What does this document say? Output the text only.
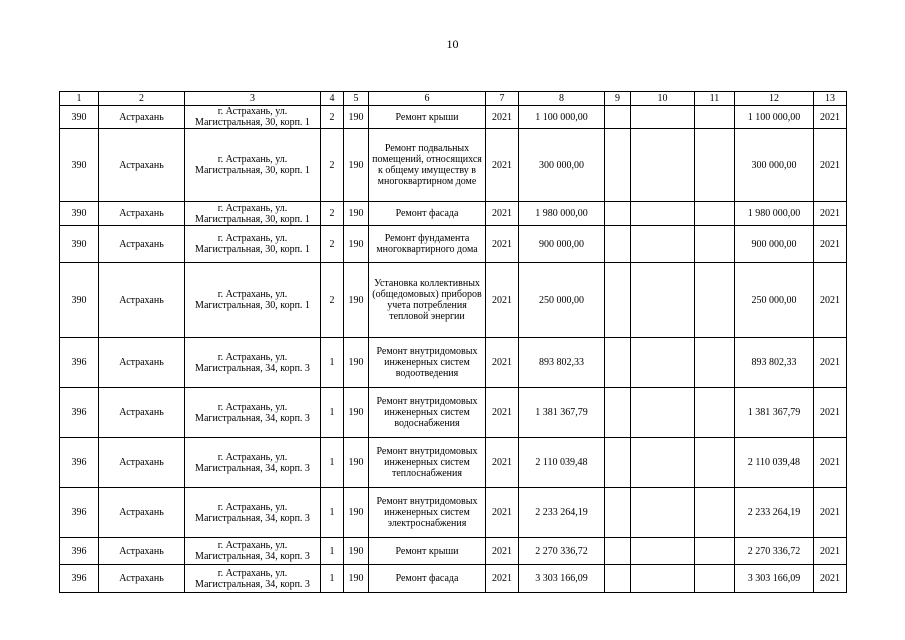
10
1	2	3	4	5	6	7	8	9	10	11	12	13
390	Астрахань	г. Астрахань, ул. Магистральная, 30, корп. 1	2	190	Ремонт крыши	2021	1 100 000,00				1 100 000,00	2021
390	Астрахань	г. Астрахань, ул. Магистральная, 30, корп. 1	2	190	Ремонт подвальных помещений, относящихся к общему имуществу в многоквартирном доме	2021	300 000,00				300 000,00	2021
390	Астрахань	г. Астрахань, ул. Магистральная, 30, корп. 1	2	190	Ремонт фасада	2021	1 980 000,00				1 980 000,00	2021
390	Астрахань	г. Астрахань, ул. Магистральная, 30, корп. 1	2	190	Ремонт фундамента многоквартирного дома	2021	900 000,00				900 000,00	2021
390	Астрахань	г. Астрахань, ул. Магистральная, 30, корп. 1	2	190	Установка коллективных (общедомовых) приборов учета потребления тепловой энергии	2021	250 000,00				250 000,00	2021
396	Астрахань	г. Астрахань, ул. Магистральная, 34, корп. 3	1	190	Ремонт внутридомовых инженерных систем водоотведения	2021	893 802,33				893 802,33	2021
396	Астрахань	г. Астрахань, ул. Магистральная, 34, корп. 3	1	190	Ремонт внутридомовых инженерных систем водоснабжения	2021	1 381 367,79				1 381 367,79	2021
396	Астрахань	г. Астрахань, ул. Магистральная, 34, корп. 3	1	190	Ремонт внутридомовых инженерных систем теплоснабжения	2021	2 110 039,48				2 110 039,48	2021
396	Астрахань	г. Астрахань, ул. Магистральная, 34, корп. 3	1	190	Ремонт внутридомовых инженерных систем электроснабжения	2021	2 233 264,19				2 233 264,19	2021
396	Астрахань	г. Астрахань, ул. Магистральная, 34, корп. 3	1	190	Ремонт крыши	2021	2 270 336,72				2 270 336,72	2021
396	Астрахань	г. Астрахань, ул. Магистральная, 34, корп. 3	1	190	Ремонт фасада	2021	3 303 166,09				3 303 166,09	2021
